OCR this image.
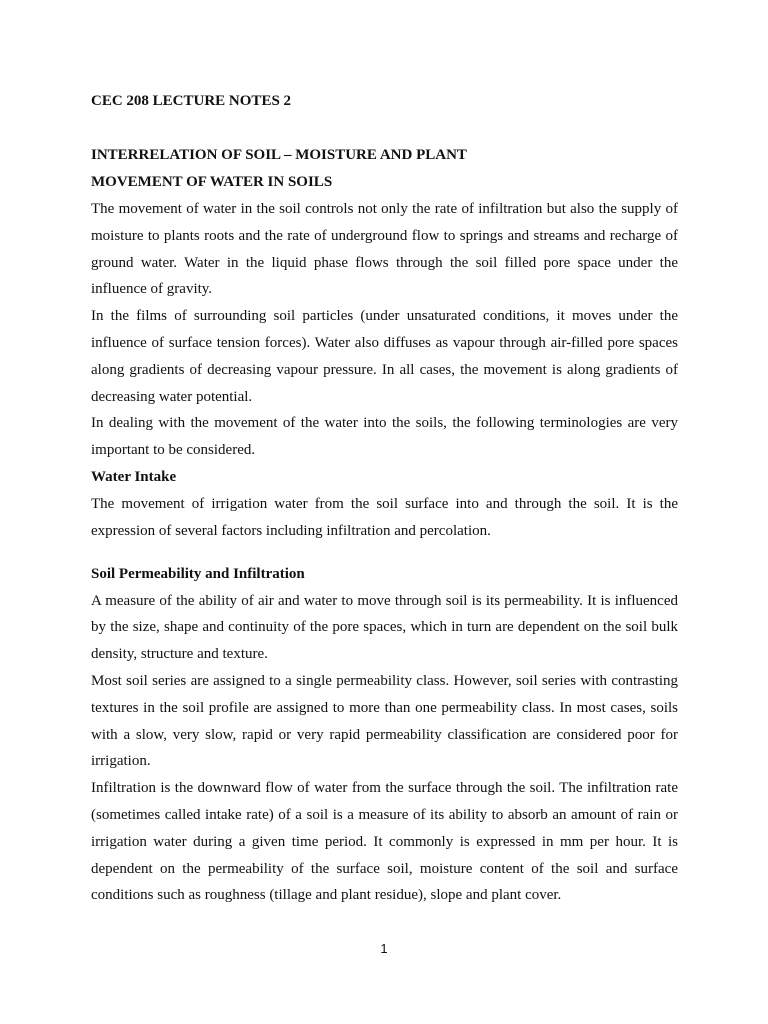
CEC 208 LECTURE NOTES 2

INTERRELATION OF SOIL – MOISTURE AND PLANT

MOVEMENT OF WATER IN SOILS

The movement of water in the soil controls not only the rate of infiltration but also the supply of moisture to plants roots and the rate of underground flow to springs and streams and recharge of ground water. Water in the liquid phase flows through the soil filled pore space under the influence of gravity.

In the films of surrounding soil particles (under unsaturated conditions, it moves under the influence of surface tension forces). Water also diffuses as vapour through air-filled pore spaces along gradients of decreasing vapour pressure. In all cases, the movement is along gradients of decreasing water potential.

In dealing with the movement of the water into the soils, the following terminologies are very important to be considered.

Water Intake

The movement of irrigation water from the soil surface into and through the soil. It is the expression of several factors including infiltration and percolation.

Soil Permeability and Infiltration

A measure of the ability of air and water to move through soil is its permeability. It is influenced by the size, shape and continuity of the pore spaces, which in turn are dependent on the soil bulk density, structure and texture.

Most soil series are assigned to a single permeability class. However, soil series with contrasting textures in the soil profile are assigned to more than one permeability class. In most cases, soils with a slow, very slow, rapid or very rapid permeability classification are considered poor for irrigation.

Infiltration is the downward flow of water from the surface through the soil. The infiltration rate (sometimes called intake rate) of a soil is a measure of its ability to absorb an amount of rain or irrigation water during a given time period. It commonly is expressed in mm per hour. It is dependent on the permeability of the surface soil, moisture content of the soil and surface conditions such as roughness (tillage and plant residue), slope and plant cover.

1
